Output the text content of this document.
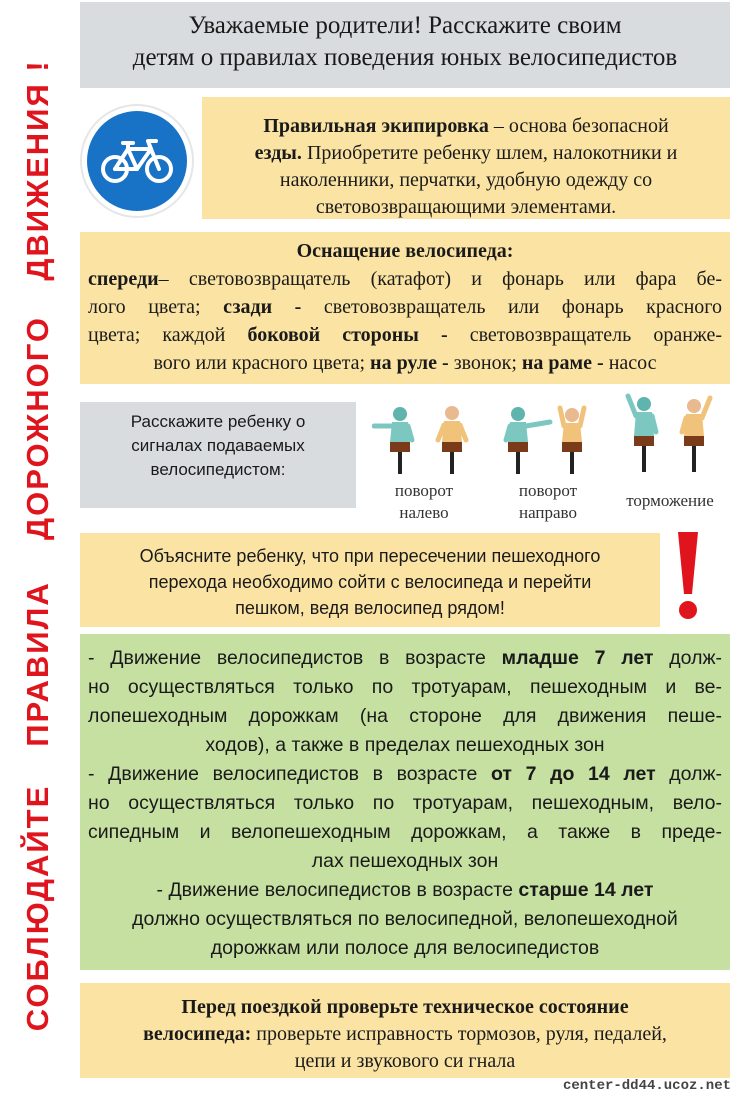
СОБЛЮДАЙТЕ
ПРАВИЛА
ДОРОЖНОГО
ДВИЖЕНИЯ !
Уважаемые родители! Расскажите своим
детям о правилах поведения юных велосипедистов
Правильная экипировка – основа безопасной
езды. Приобретите ребенку шлем, налокотники и
наколенники, перчатки, удобную одежду со
световозвращающими элементами.
Оснащение велосипеда:
спереди– световозвращатель (катафот) и фонарь или фара бе-
лого цвета; сзади - световозвращатель или фонарь красного
цвета; каждой боковой стороны - световозвращатель оранже-
вого или красного цвета; на руле - звонок; на раме - насос
Расскажите ребенку о
сигналах подаваемых
велосипедистом:
поворот
налево
поворот
направо
торможение
Объясните ребенку, что при пересечении пешеходного
перехода необходимо сойти с велосипеда и перейти
пешком, ведя велосипед рядом!
- Движение велосипедистов в возрасте младше 7 лет долж-
но осуществляться только по тротуарам, пешеходным и ве-
лопешеходным дорожкам (на стороне для движения пеше-
ходов), а также в пределах пешеходных зон
- Движение велосипедистов в возрасте от 7 до 14 лет долж-
но осуществляться только по тротуарам, пешеходным, вело-
сипедным и велопешеходным дорожкам, а также в преде-
лах пешеходных зон
- Движение велосипедистов в возрасте старше 14 лет
должно осуществляться по велосипедной, велопешеходной
дорожкам или полосе для велосипедистов
Перед поездкой проверьте техническое состояние
велосипеда: проверьте исправность тормозов, руля, педалей,
цепи и звукового си гнала
center-dd44.ucoz.net
